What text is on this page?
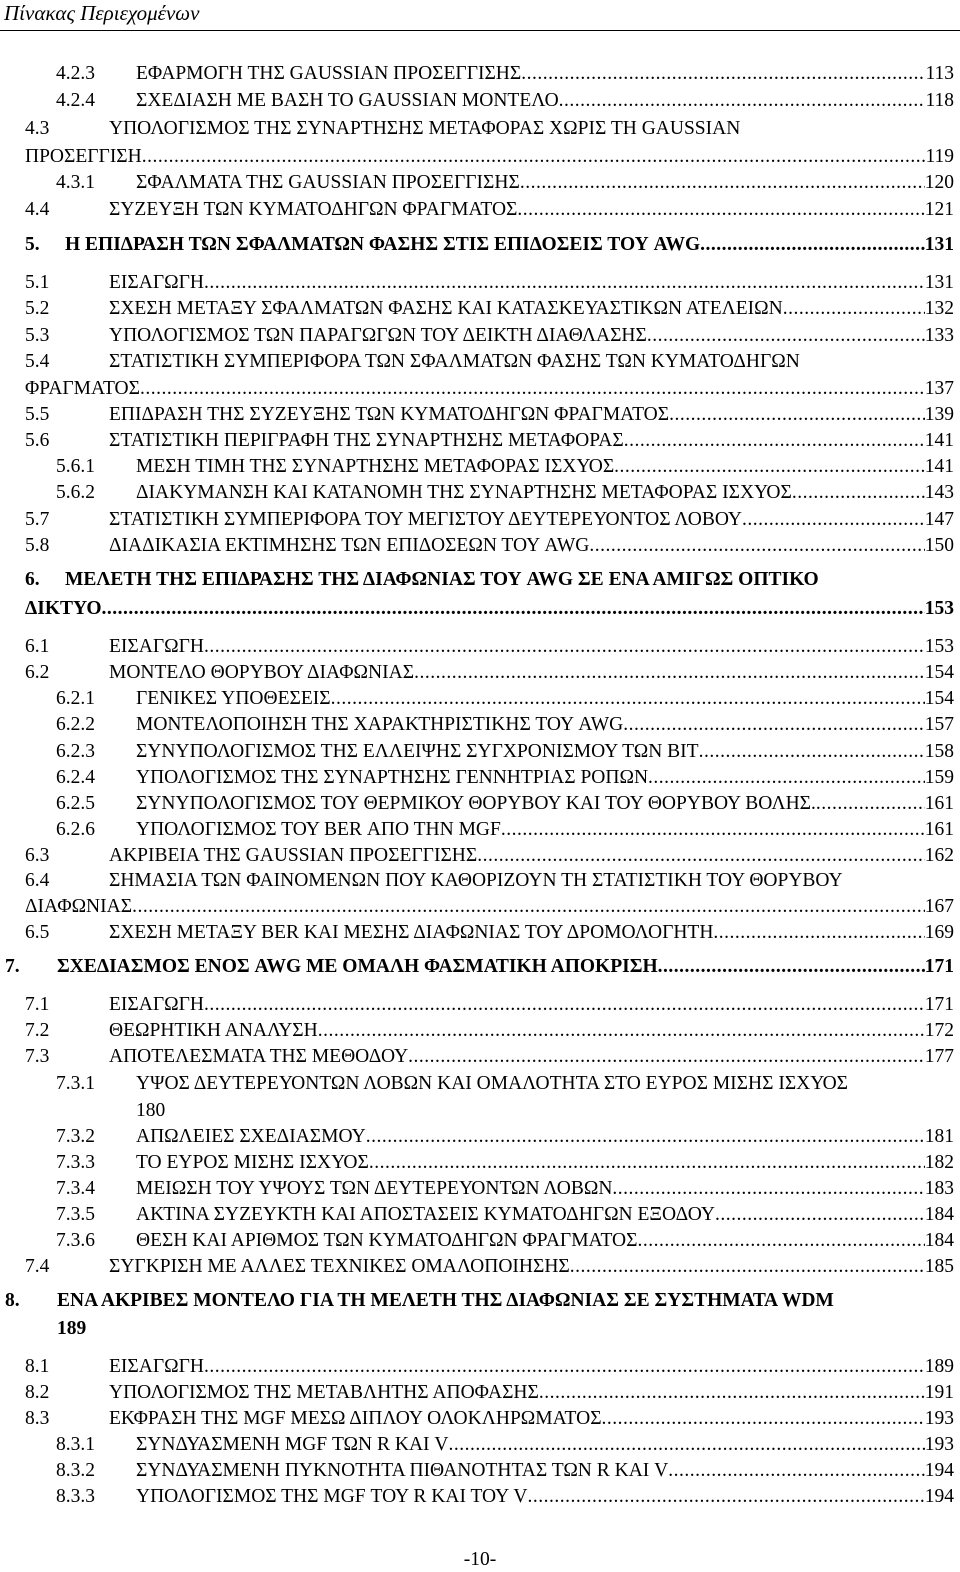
Πίνακας Περιεχομένων
4.2.3 ΕΦΑΡΜΟΓΗ ΤΗΣ GAUSSIAN ΠΡΟΣΕΓΓΙΣΗΣ .....	113
4.2.4 ΣΧΕΔΙΑΣΗ ΜΕ ΒΑΣΗ ΤΟ GAUSSIAN ΜΟΝΤΕΛΟ .....	118
4.3	ΥΠΟΛΟΓΙΣΜΟΣ ΤΗΣ ΣΥΝΑΡΤΗΣΗΣ ΜΕΤΑΦΟΡΑΣ ΧΩΡΙΣ ΤΗ GAUSSIAN
ΠΡΟΣΕΓΓΙΣΗ .....	119
4.3.1 ΣΦΑΛΜΑΤΑ ΤΗΣ GAUSSIAN ΠΡΟΣΕΓΓΙΣΗΣ .....	120
4.4	ΣΥΖΕΥΞΗ ΤΩΝ ΚΥΜΑΤΟΔΗΓΩΝ ΦΡΑΓΜΑΤΟΣ .....	121
5. Η ΕΠΙΔΡΑΣΗ ΤΩΝ ΣΦΑΛΜΑΤΩΝ ΦΑΣΗΣ ΣΤΙΣ ΕΠΙΔΟΣΕΙΣ ΤΟΥ AWG .....	131
5.1	ΕΙΣΑΓΩΓΗ .....	131
5.2	ΣΧΕΣΗ ΜΕΤΑΞΥ ΣΦΑΛΜΑΤΩΝ ΦΑΣΗΣ ΚΑΙ ΚΑΤΑΣΚΕΥΑΣΤΙΚΩΝ ΑΤΕΛΕΙΩΝ .....	132
5.3	ΥΠΟΛΟΓΙΣΜΟΣ ΤΩΝ ΠΑΡΑΓΩΓΩΝ ΤΟΥ ΔΕΙΚΤΗ ΔΙΑΘΛΑΣΗΣ .....	133
5.4	ΣΤΑΤΙΣΤΙΚΗ ΣΥΜΠΕΡΙΦΟΡΑ ΤΩΝ ΣΦΑΛΜΑΤΩΝ ΦΑΣΗΣ ΤΩΝ ΚΥΜΑΤΟΔΗΓΩΝ
ΦΡΑΓΜΑΤΟΣ .....	137
5.5	ΕΠΙΔΡΑΣΗ ΤΗΣ ΣΥΖΕΥΞΗΣ ΤΩΝ ΚΥΜΑΤΟΔΗΓΩΝ ΦΡΑΓΜΑΤΟΣ .....	139
5.6	ΣΤΑΤΙΣΤΙΚΗ ΠΕΡΙΓΡΑΦΗ ΤΗΣ ΣΥΝΑΡΤΗΣΗΣ ΜΕΤΑΦΟΡΑΣ .....	141
5.6.1 ΜΕΣΗ ΤΙΜΗ ΤΗΣ ΣΥΝΑΡΤΗΣΗΣ ΜΕΤΑΦΟΡΑΣ ΙΣΧΥΟΣ .....	141
5.6.2 ΔΙΑΚΥΜΑΝΣΗ ΚΑΙ ΚΑΤΑΝΟΜΗ ΤΗΣ ΣΥΝΑΡΤΗΣΗΣ ΜΕΤΑΦΟΡΑΣ ΙΣΧΥΟΣ .....	143
5.7	ΣΤΑΤΙΣΤΙΚΗ ΣΥΜΠΕΡΙΦΟΡΑ ΤΟΥ ΜΕΓΙΣΤΟΥ ΔΕΥΤΕΡΕΥΟΝΤΟΣ ΛΟΒΟΥ .....	147
5.8	ΔΙΑΔΙΚΑΣΙΑ ΕΚΤΙΜΗΣΗΣ ΤΩΝ ΕΠΙΔΟΣΕΩΝ ΤΟΥ AWG .....	150
6. ΜΕΛΕΤΗ ΤΗΣ ΕΠΙΔΡΑΣΗΣ ΤΗΣ ΔΙΑΦΩΝΙΑΣ ΤΟΥ AWG ΣΕ ΕΝΑ ΑΜΙΓΩΣ ΟΠΤΙΚΟ
ΔΙΚΤΥΟ .....	153
6.1	ΕΙΣΑΓΩΓΗ .....	153
6.2	ΜΟΝΤΕΛΟ ΘΟΡΥΒΟΥ ΔΙΑΦΩΝΙΑΣ .....	154
6.2.1 ΓΕΝΙΚΕΣ ΥΠΟΘΕΣΕΙΣ .....	154
6.2.2 ΜΟΝΤΕΛΟΠΟΙΗΣΗ ΤΗΣ ΧΑΡΑΚΤΗΡΙΣΤΙΚΗΣ ΤΟΥ AWG .....	157
6.2.3 ΣΥΝΥΠΟΛΟΓΙΣΜΟΣ ΤΗΣ ΕΛΛΕΙΨΗΣ ΣΥΓΧΡΟΝΙΣΜΟΥ ΤΩΝ BIT .....	158
6.2.4 ΥΠΟΛΟΓΙΣΜΟΣ ΤΗΣ ΣΥΝΑΡΤΗΣΗΣ ΓΕΝΝΗΤΡΙΑΣ ΡΟΠΩΝ .....	159
6.2.5 ΣΥΝΥΠΟΛΟΓΙΣΜΟΣ ΤΟΥ ΘΕΡΜΙΚΟΥ ΘΟΡΥΒΟΥ ΚΑΙ ΤΟΥ ΘΟΡΥΒΟΥ ΒΟΛΗΣ. .....	161
6.2.6 ΥΠΟΛΟΓΙΣΜΟΣ ΤΟΥ BER ΑΠΟ ΤΗΝ MGF .....	161
6.3	ΑΚΡΙΒΕΙΑ ΤΗΣ GAUSSIAN ΠΡΟΣΕΓΓΙΣΗΣ .....	162
6.4	ΣΗΜΑΣΙΑ ΤΩΝ ΦΑΙΝΟΜΕΝΩΝ ΠΟΥ ΚΑΘΟΡΙΖΟΥΝ ΤΗ ΣΤΑΤΙΣΤΙΚΗ ΤΟΥ ΘΟΡΥΒΟΥ
ΔΙΑΦΩΝΙΑΣ .....	167
6.5	ΣΧΕΣΗ ΜΕΤΑΞΥ BER ΚΑΙ ΜΕΣΗΣ ΔΙΑΦΩΝΙΑΣ ΤΟΥ ΔΡΟΜΟΛΟΓΗΤΗ .....	169
7. ΣΧΕΔΙΑΣΜΟΣ ΕΝΟΣ AWG ΜΕ ΟΜΑΛΗ ΦΑΣΜΑΤΙΚΗ ΑΠΟΚΡΙΣΗ .....	171
7.1	ΕΙΣΑΓΩΓΗ .....	171
7.2	ΘΕΩΡΗΤΙΚΗ ΑΝΑΛΥΣΗ .....	172
7.3	ΑΠΟΤΕΛΕΣΜΑΤΑ ΤΗΣ ΜΕΘΟΔΟΥ .....	177
7.3.1 ΥΨΟΣ ΔΕΥΤΕΡΕΥΟΝΤΩΝ ΛΟΒΩΝ ΚΑΙ ΟΜΑΛΟΤΗΤΑ ΣΤΟ ΕΥΡΟΣ ΜΙΣΗΣ ΙΣΧΥΟΣ
180
7.3.2 ΑΠΩΛΕΙΕΣ ΣΧΕΔΙΑΣΜΟΥ .....	181
7.3.3 ΤΟ ΕΥΡΟΣ ΜΙΣΗΣ ΙΣΧΥΟΣ .....	182
7.3.4 ΜΕΙΩΣΗ ΤΟΥ ΥΨΟΥΣ ΤΩΝ ΔΕΥΤΕΡΕΥΟΝΤΩΝ ΛΟΒΩΝ .....	183
7.3.5 ΑΚΤΙΝΑ ΣΥΖΕΥΚΤΗ ΚΑΙ ΑΠΟΣΤΑΣΕΙΣ ΚΥΜΑΤΟΔΗΓΩΝ ΕΞΟΔΟΥ .....	184
7.3.6 ΘΕΣΗ ΚΑΙ ΑΡΙΘΜΟΣ ΤΩΝ ΚΥΜΑΤΟΔΗΓΩΝ ΦΡΑΓΜΑΤΟΣ .....	184
7.4	ΣΥΓΚΡΙΣΗ ΜΕ ΑΛΛΕΣ ΤΕΧΝΙΚΕΣ ΟΜΑΛΟΠΟΙΗΣΗΣ .....	185
8. ΕΝΑ ΑΚΡΙΒΕΣ ΜΟΝΤΕΛΟ ΓΙΑ ΤΗ ΜΕΛΕΤΗ ΤΗΣ ΔΙΑΦΩΝΙΑΣ ΣΕ ΣΥΣΤΗΜΑΤΑ WDM
189
8.1	ΕΙΣΑΓΩΓΗ .....	189
8.2	ΥΠΟΛΟΓΙΣΜΟΣ ΤΗΣ ΜΕΤΑΒΛΗΤΗΣ ΑΠΟΦΑΣΗΣ .....	191
8.3	ΕΚΦΡΑΣΗ ΤΗΣ MGF ΜΕΣΩ ΔΙΠΛΟΥ ΟΛΟΚΛΗΡΩΜΑΤΟΣ .....	193
8.3.1 ΣΥΝΔΥΑΣΜΕΝΗ MGF ΤΩΝ R ΚΑΙ V .....	193
8.3.2 ΣΥΝΔΥΑΣΜΕΝΗ ΠΥΚΝΟΤΗΤΑ ΠΙΘΑΝΟΤΗΤΑΣ ΤΩΝ R ΚΑΙ V .....	194
8.3.3 ΥΠΟΛΟΓΙΣΜΟΣ ΤΗΣ MGF ΤΟΥ R ΚΑΙ ΤΟΥ V .....	194
-10-
